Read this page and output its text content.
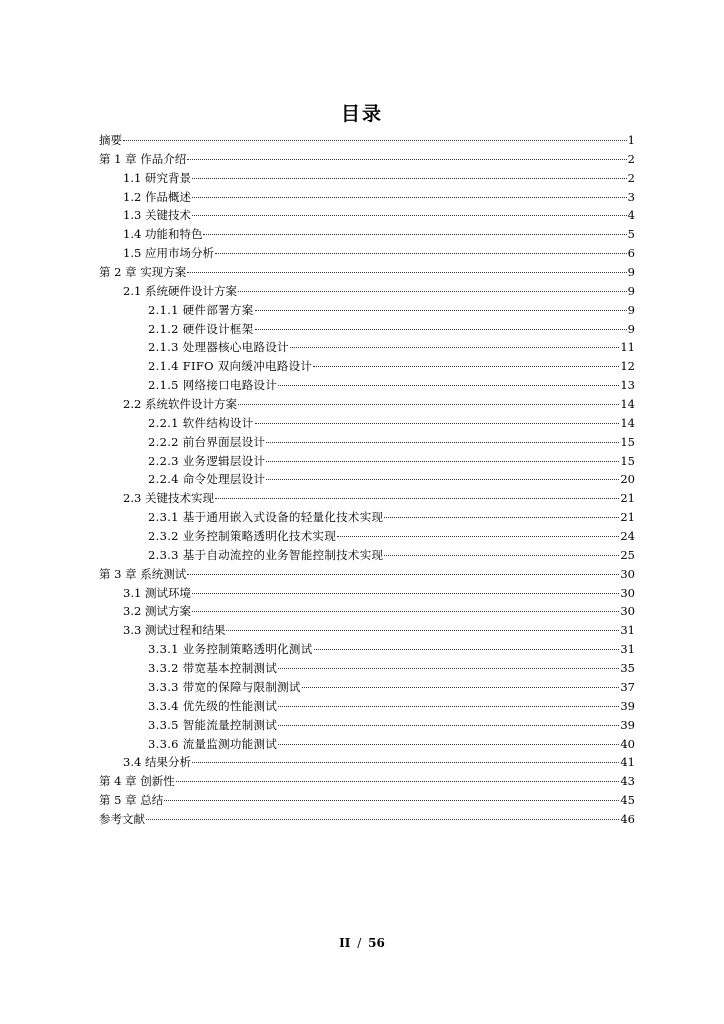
目录
摘要	1
第 1 章 作品介绍	2
1.1 研究背景	2
1.2 作品概述	3
1.3 关键技术	4
1.4 功能和特色	5
1.5 应用市场分析	6
第 2 章 实现方案	9
2.1 系统硬件设计方案	9
2.1.1 硬件部署方案	9
2.1.2 硬件设计框架	9
2.1.3 处理器核心电路设计	11
2.1.4 FIFO 双向缓冲电路设计	12
2.1.5 网络接口电路设计	13
2.2 系统软件设计方案	14
2.2.1 软件结构设计	14
2.2.2 前台界面层设计	15
2.2.3 业务逻辑层设计	15
2.2.4 命令处理层设计	20
2.3 关键技术实现	21
2.3.1 基于通用嵌入式设备的轻量化技术实现	21
2.3.2 业务控制策略透明化技术实现	24
2.3.3 基于自动流控的业务智能控制技术实现	25
第 3 章 系统测试	30
3.1 测试环境	30
3.2 测试方案	30
3.3 测试过程和结果	31
3.3.1 业务控制策略透明化测试	31
3.3.2 带宽基本控制测试	35
3.3.3 带宽的保障与限制测试	37
3.3.4 优先级的性能测试	39
3.3.5 智能流量控制测试	39
3.3.6 流量监测功能测试	40
3.4 结果分析	41
第 4 章 创新性	43
第 5 章 总结	45
参考文献	46
II / 56
